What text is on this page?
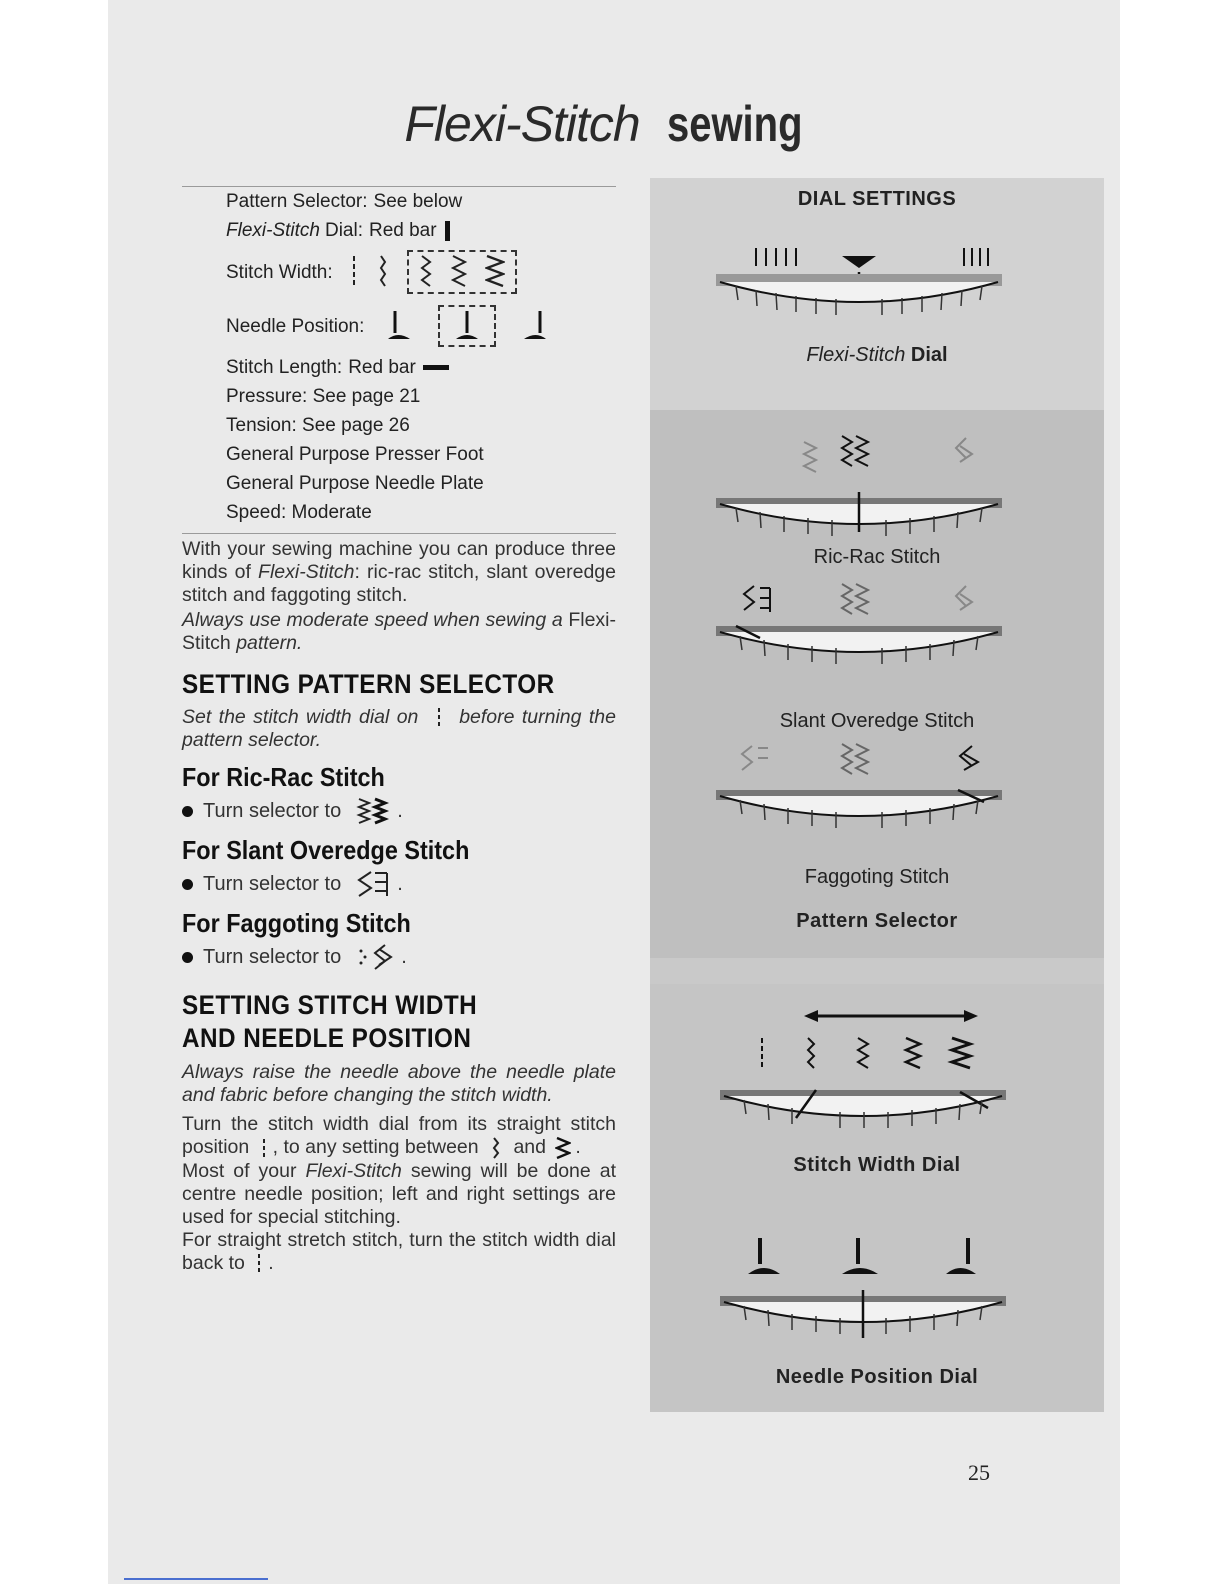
Flexi-Stitch sewing
Pattern Selector: See below
Flexi-Stitch Dial: Red bar
Stitch Width:
Needle Position:
Stitch Length: Red bar
Pressure: See page 21
Tension: See page 26
General Purpose Presser Foot
General Purpose Needle Plate
Speed: Moderate
With your sewing machine you can produce three kinds of Flexi-Stitch: ric-rac stitch, slant overedge stitch and faggoting stitch.
Always use moderate speed when sewing a Flexi-Stitch pattern.
SETTING PATTERN SELECTOR
Set the stitch width dial on before turning the pattern selector.
For Ric-Rac Stitch
Turn selector to	.
For Slant Overedge Stitch
Turn selector to	.
For Faggoting Stitch
Turn selector to	.
SETTING STITCH WIDTH
AND NEEDLE POSITION
Always raise the needle above the needle plate and fabric before changing the stitch width.
Turn the stitch width dial from its straight stitch position , to any setting between and .
Most of your Flexi-Stitch sewing will be done at centre needle position; left and right settings are used for special stitching.
For straight stretch stitch, turn the stitch width dial back to .
DIAL SETTINGS
Flexi-Stitch Dial
Ric-Rac Stitch
Slant Overedge Stitch
Faggoting Stitch
Pattern Selector
Stitch Width Dial
Needle Position Dial
25
